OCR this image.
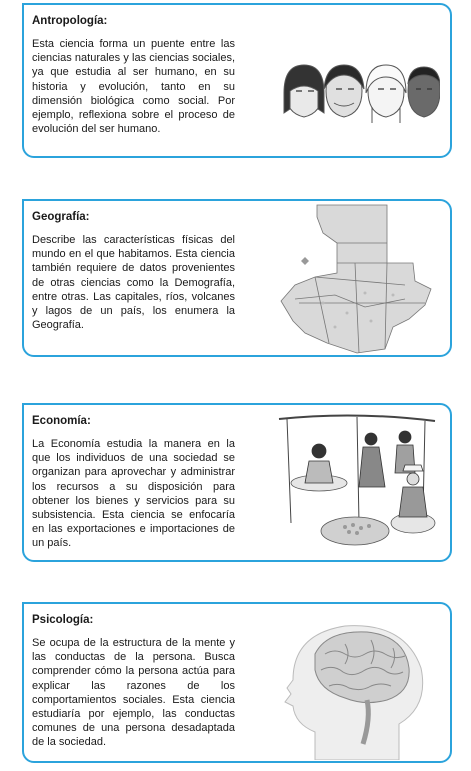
Antropología:

Esta ciencia forma un puente entre las ciencias naturales y las ciencias sociales, ya que estudia al ser humano, en su historia y evolución, tanto en su dimensión biológica como social. Por ejemplo, reflexiona sobre el proceso de evolución del ser humano.

Geografía:

Describe las características físicas del mundo en el que habitamos. Esta ciencia también requiere de datos provenientes de otras ciencias como la Demografía, entre otras. Las capitales, ríos, volcanes y lagos de un país, los enumera la Geografía.

Economía:

La Economía estudia la manera en la que los individuos de una sociedad se organizan para aprovechar y administrar los recursos a su disposición para obtener los bienes y servicios para su subsistencia. Esta ciencia se enfocaría en las exportaciones e importaciones de un país.

Psicología:

Se ocupa de la estructura de la mente y las conductas de la persona. Busca comprender cómo la persona actúa para explicar las razones de los comportamientos sociales. Esta ciencia estudiaría por ejemplo, las conductas comunes de una persona desadaptada de la sociedad.
